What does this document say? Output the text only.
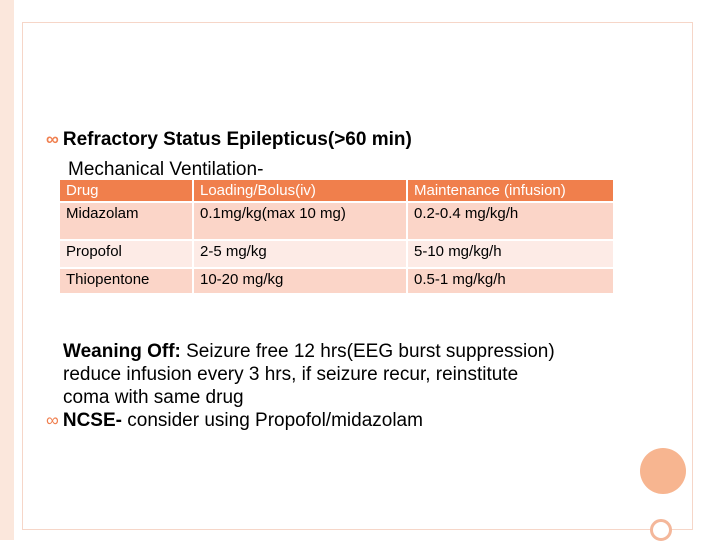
∞ Refractory Status Epilepticus(>60 min)
Mechanical Ventilation-
Drug	Loading/Bolus(iv)	Maintenance (infusion)
Midazolam	0.1mg/kg(max 10 mg)	0.2-0.4 mg/kg/h
Propofol	2-5 mg/kg	5-10 mg/kg/h
Thiopentone	10-20 mg/kg	0.5-1 mg/kg/h
Weaning Off: Seizure free 12 hrs(EEG burst suppression)
reduce infusion every 3 hrs, if seizure recur, reinstitute
coma with same drug
∞ NCSE- consider using Propofol/midazolam
